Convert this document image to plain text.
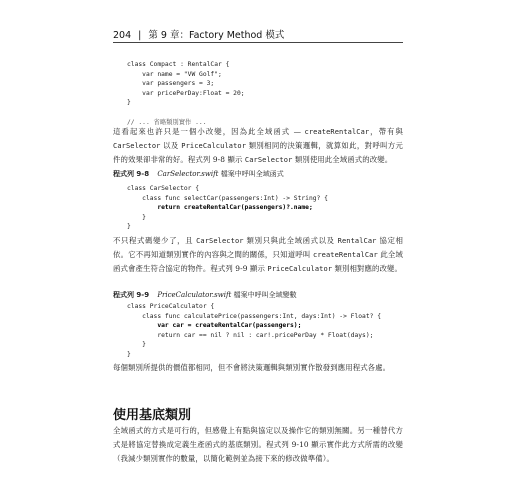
204 | 第 9 章：Factory Method 模式
class Compact : RentalCar {
var name = "VW Golf";
var passengers = 3;
var pricePerDay:Float = 20;
}

// ... 省略類別實作 ...
這看起來也許只是一個小改變，因為此全域函式 — createRentalCar，帶有與 CarSelector 以及 PriceCalculator 類別相同的決策邏輯，就算如此，對呼叫方元件的效果卻非常的好。程式列 9-8 顯示 CarSelector 類別使用此全域函式的改變。
程式列 9-8 CarSelector.swift 檔案中呼叫全域函式
class CarSelector {
class func selectCar(passengers:Int) -> String? {
return createRentalCar(passengers)?.name;
}
}
不只程式碼變少了，且 CarSelector 類別只與此全域函式以及 RentalCar 協定相依。它不再知道類別實作的內容與之間的關係，只知道呼叫 createRentalCar 此全域函式會產生符合協定的物件。程式列 9-9 顯示 PriceCalculator 類別相對應的改變。
程式列 9-9 PriceCalculator.swift 檔案中呼叫全域變數
class PriceCalculator {
class func calculatePrice(passengers:Int, days:Int) -> Float? {
var car = createRentalCar(passengers);
return car == nil ? nil : car!.pricePerDay * Float(days);
}
}
每個類別所提供的價值都相同，但不會將決策邏輯與類別實作散發到應用程式各處。
使用基底類別
全域函式的方式是可行的，但感覺上有點與協定以及操作它的類別無關。另一種替代方式是將協定替換成定義生產函式的基底類別。程式列 9-10 顯示實作此方式所需的改變（我減少類別實作的數量，以簡化範例並為接下來的修改做準備）。
